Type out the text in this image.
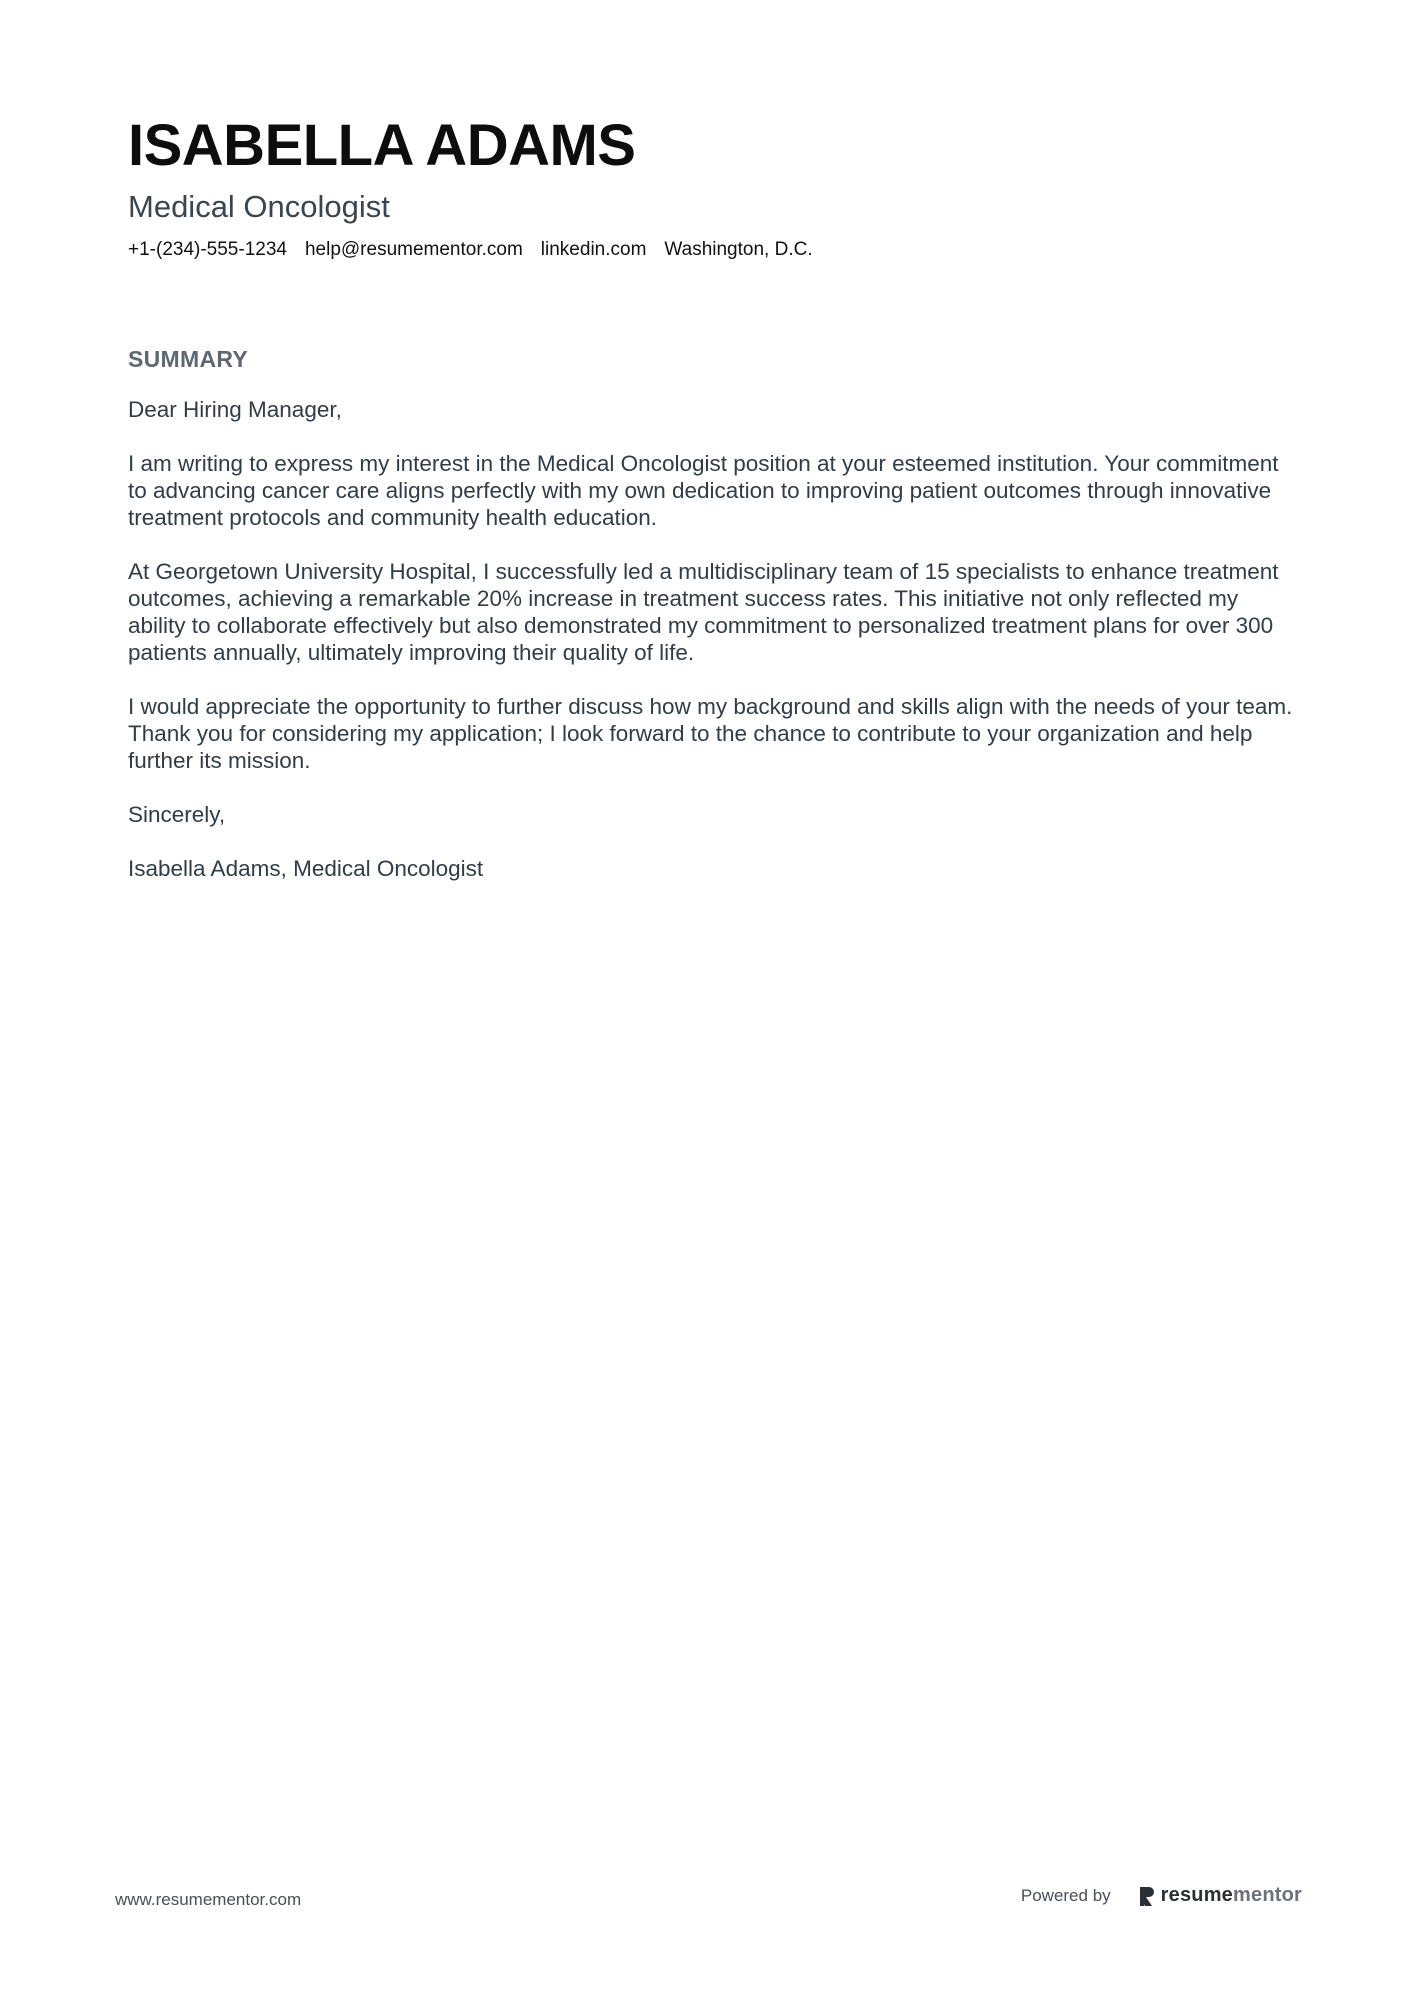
ISABELLA ADAMS
Medical Oncologist
+1-(234)-555-1234 help@resumementor.com linkedin.com Washington, D.C.
SUMMARY

Dear Hiring Manager,

I am writing to express my interest in the Medical Oncologist position at your esteemed institution. Your commitment to advancing cancer care aligns perfectly with my own dedication to improving patient outcomes through innovative treatment protocols and community health education.

At Georgetown University Hospital, I successfully led a multidisciplinary team of 15 specialists to enhance treatment outcomes, achieving a remarkable 20% increase in treatment success rates. This initiative not only reflected my ability to collaborate effectively but also demonstrated my commitment to personalized treatment plans for over 300 patients annually, ultimately improving their quality of life.

I would appreciate the opportunity to further discuss how my background and skills align with the needs of your team. Thank you for considering my application; I look forward to the chance to contribute to your organization and help further its mission.

Sincerely,

Isabella Adams, Medical Oncologist

www.resumementor.com	Powered by	resumementor
